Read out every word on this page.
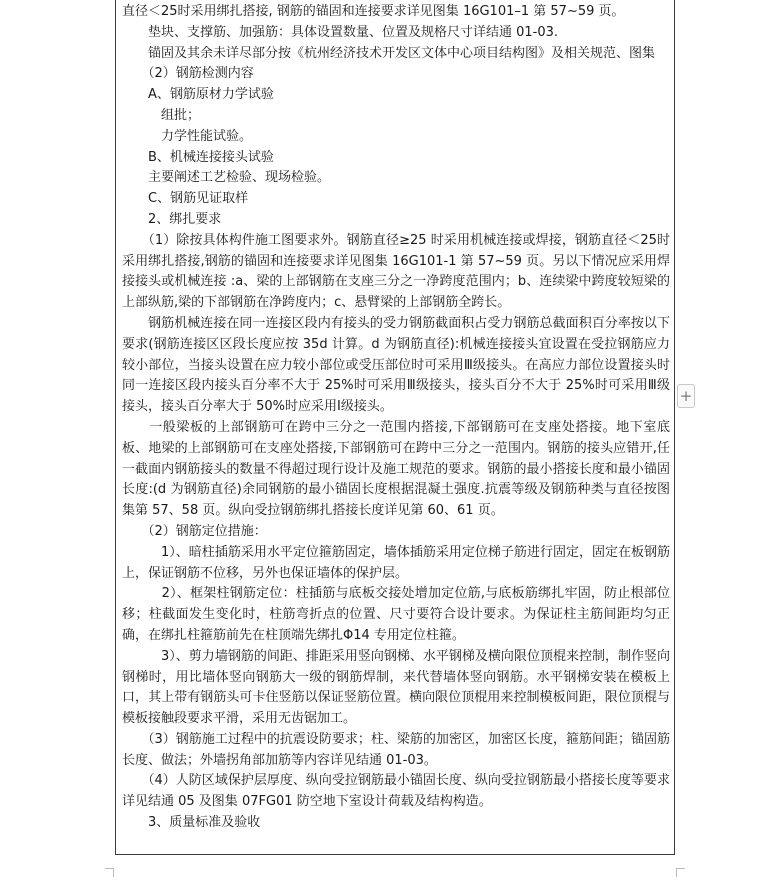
直径＜25时采用绑扎搭接, 钢筋的锚固和连接要求详见图集 16G101–1 第 57~59 页。

　　垫块、支撑筋、加强筋：具体设置数量、位置及规格尺寸详结通 01-03.

　　锚固及其余未详尽部分按《杭州经济技术开发区文体中心项目结构图》及相关规范、图集

　　（2）钢筋检测内容

　　A、钢筋原材力学试验

　　　组批；

　　　力学性能试验。

　　B、机械连接接头试验

　　主要阐述工艺检验、现场检验。

　　C、钢筋见证取样

　　2、绑扎要求

　　（1）除按具体构件施工图要求外。钢筋直径≥25 时采用机械连接或焊接，钢筋直径＜25时采用绑扎搭接,钢筋的锚固和连接要求详见图集 16G101-1 第 57~59 页。另以下情况应采用焊接接头或机械连接 :a、梁的上部钢筋在支座三分之一净跨度范围内；b、连续梁中跨度较短梁的上部纵筋,梁的下部钢筋在净跨度内；c、悬臂梁的上部钢筋全跨长。

　　钢筋机械连接在同一连接区段内有接头的受力钢筋截面积占受力钢筋总截面积百分率按以下要求(钢筋连接区区段长度应按 35d 计算。d 为钢筋直径):机械连接接头宜设置在受拉钢筋应力较小部位，当接头设置在应力较小部位或受压部位时可采用Ⅲ级接头。在高应力部位设置接头时同一连接区段内接头百分率不大于 25%时可采用Ⅲ级接头，接头百分不大于 25%时可采用Ⅲ级接头，接头百分率大于 50%时应采用Ⅰ级接头。

　　一般梁板的上部钢筋可在跨中三分之一范围内搭接,下部钢筋可在支座处搭接。地下室底板、地梁的上部钢筋可在支座处搭接,下部钢筋可在跨中三分之一范围内。钢筋的接头应错开,任一截面内钢筋接头的数量不得超过现行设计及施工规范的要求。钢筋的最小搭接长度和最小锚固长度:(d 为钢筋直径)余同钢筋的最小锚固长度根据混凝土强度.抗震等级及钢筋种类与直径按图集第 57、58 页。纵向受拉钢筋绑扎搭接长度详见第 60、61 页。

　　（2）钢筋定位措施：

　　　1）、暗柱插筋采用水平定位箍筋固定，墙体插筋采用定位梯子筋进行固定，固定在板钢筋上，保证钢筋不位移，另外也保证墙体的保护层。

　　　2）、框架柱钢筋定位：柱插筋与底板交接处增加定位筋,与底板筋绑扎牢固，防止根部位移；柱截面发生变化时，柱筋弯折点的位置、尺寸要符合设计要求。为保证柱主筋间距均匀正确，在绑扎柱箍筋前先在柱顶端先绑扎Φ14 专用定位柱箍。

　　　3）、剪力墙钢筋的间距、排距采用竖向钢梯、水平钢梯及横向限位顶棍来控制，制作竖向钢梯时，用比墙体竖向钢筋大一级的钢筋焊制，来代替墙体竖向钢筋。水平钢梯安装在模板上口，其上带有钢筋头可卡住竖筋以保证竖筋位置。横向限位顶棍用来控制模板间距，限位顶棍与模板接触段要求平滑，采用无齿锯加工。

　　（3）钢筋施工过程中的抗震设防要求；柱、梁筋的加密区，加密区长度，箍筋间距；锚固筋长度、做法；外墙拐角部加筋等内容详见结通 01-03。

　　（4）人防区域保护层厚度、纵向受拉钢筋最小锚固长度、纵向受拉钢筋最小搭接长度等要求详见结通 05 及图集 07FG01 防空地下室设计荷载及结构构造。

　　3、质量标准及验收

+
